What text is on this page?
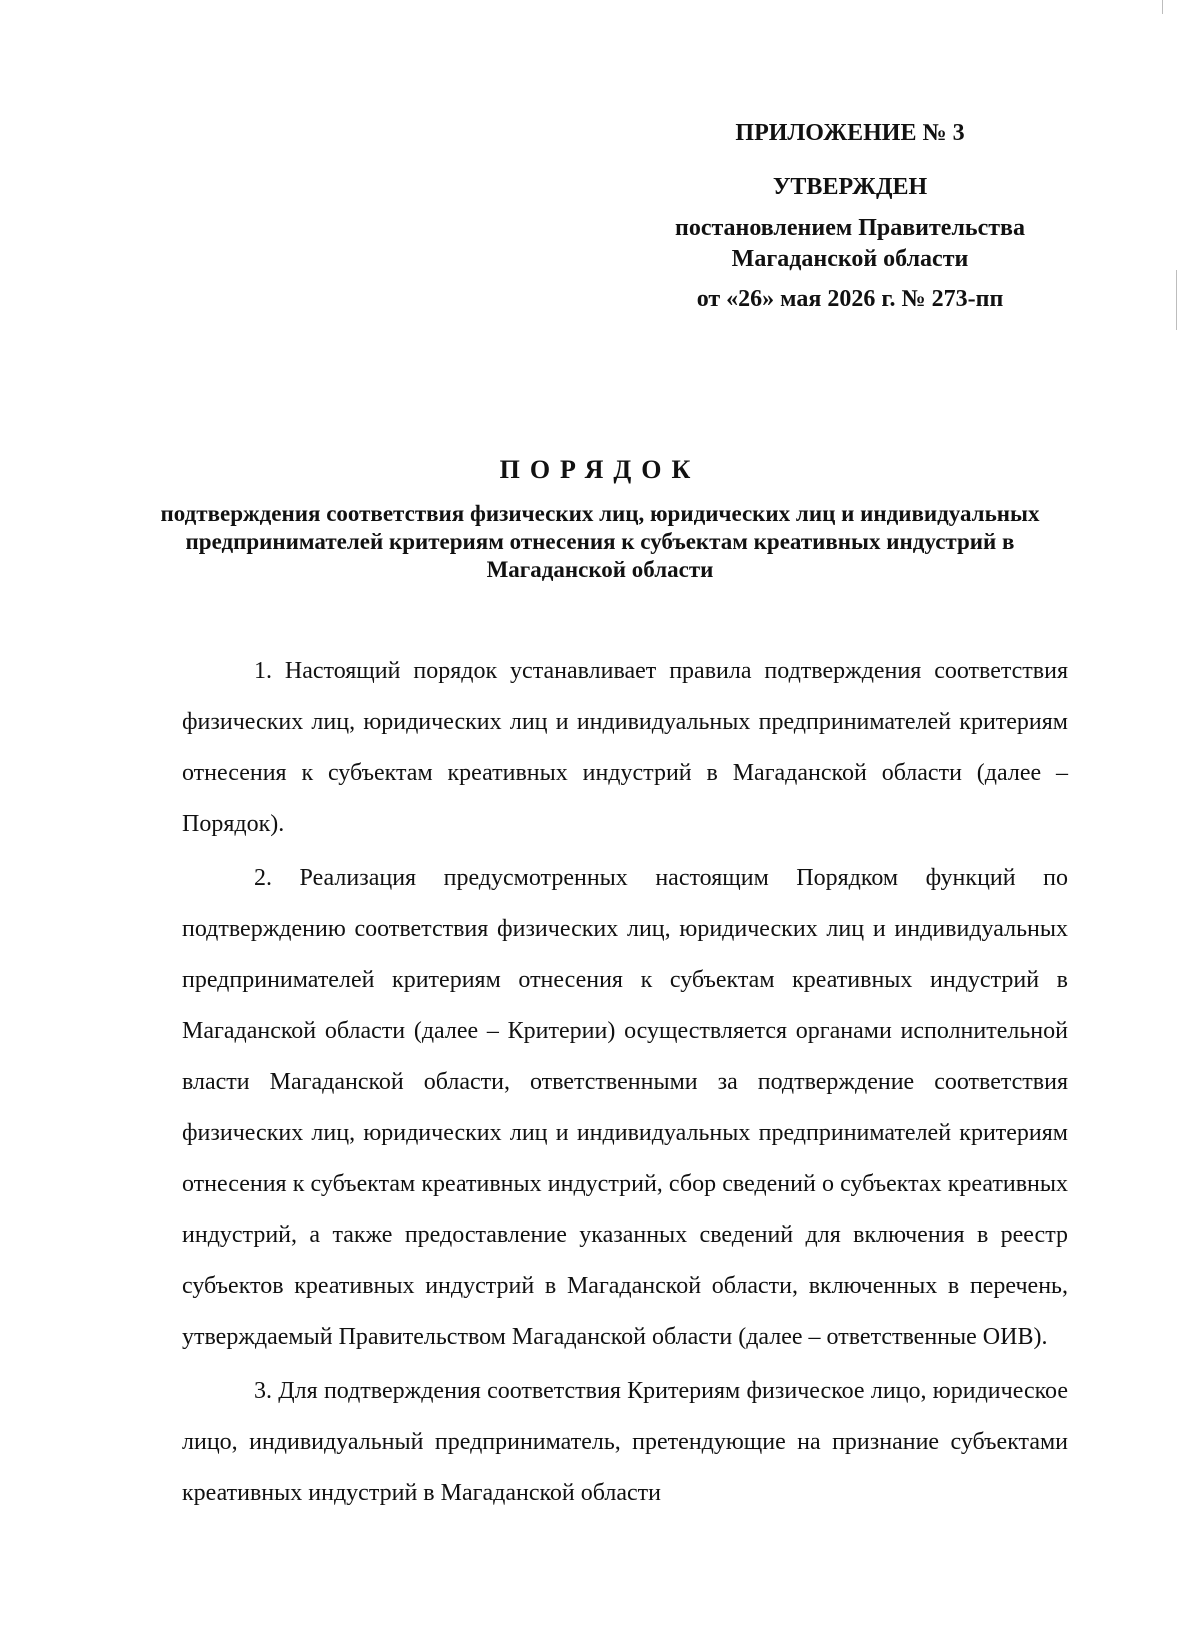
ПРИЛОЖЕНИЕ № 3
УТВЕРЖДЕН
постановлением Правительства
Магаданской области
от «26» мая 2026 г. № 273-пп
ПОРЯДОК
подтверждения соответствия физических лиц, юридических лиц и индивидуальных предпринимателей критериям отнесения к субъектам креативных индустрий в Магаданской области

1. Настоящий порядок устанавливает правила подтверждения соответствия физических лиц, юридических лиц и индивидуальных предпринимателей критериям отнесения к субъектам креативных индустрий в Магаданской области (далее – Порядок).

2. Реализация предусмотренных настоящим Порядком функций по подтверждению соответствия физических лиц, юридических лиц и индивидуальных предпринимателей критериям отнесения к субъектам креативных индустрий в Магаданской области (далее – Критерии) осуществляется органами исполнительной власти Магаданской области, ответственными за подтверждение соответствия физических лиц, юридических лиц и индивидуальных предпринимателей критериям отнесения к субъектам креативных индустрий, сбор сведений о субъектах креативных индустрий, а также предоставление указанных сведений для включения в реестр субъектов креативных индустрий в Магаданской области, включенных в перечень, утверждаемый Правительством Магаданской области (далее – ответственные ОИВ).

3. Для подтверждения соответствия Критериям физическое лицо, юридическое лицо, индивидуальный предприниматель, претендующие на признание субъектами креативных индустрий в Магаданской области
